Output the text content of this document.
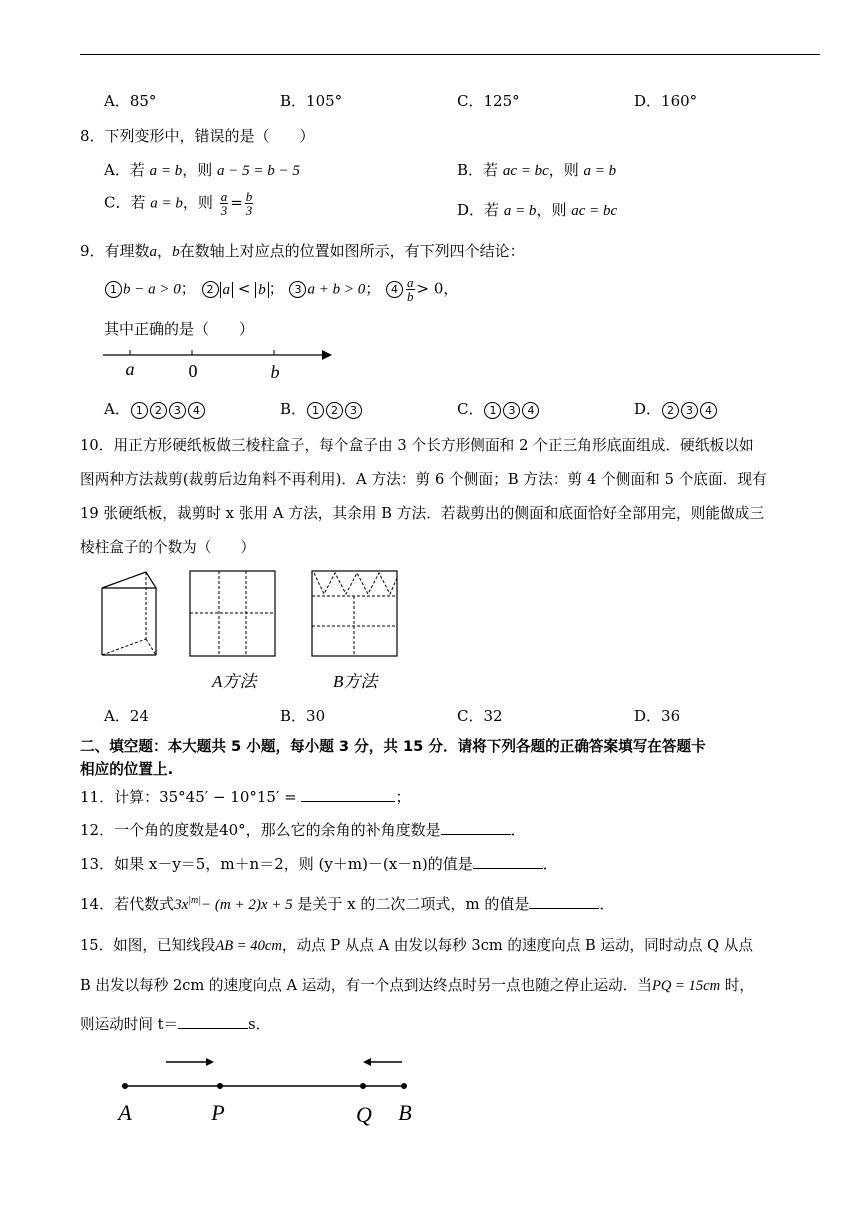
A．85°	B．105°	C．125°	D．160°
8．下列变形中，错误的是（　　）
A．若 a = b，则 a − 5 = b − 5	B．若 ac = bc，则 a = b
C．若 a = b，则 $\frac{a}{3} = \frac{b}{3}$	D．若 a = b，则 ac = bc
9．有理数a，b在数轴上对应点的位置如图所示，有下列四个结论：
1 b − a > 0； 2 a < b ； 3 a + b > 0； $4 \frac{a}{b} > 0$，
其中正确的是（　　）
a	0	b
A． 1 2 3 4	B． 1 2 3	C． 1 3 4	D． 2 3 4
10．用正方形硬纸板做三棱柱盒子，每个盒子由 3 个长方形侧面和 2 个正三角形底面组成．硬纸板以如
图两种方法裁剪(裁剪后边角料不再利用)．A 方法：剪 6 个侧面；B 方法：剪 4 个侧面和 5 个底面．现有
19 张硬纸板，裁剪时 x 张用 A 方法，其余用 B 方法．若裁剪出的侧面和底面恰好全部用完，则能做成三
棱柱盒子的个数为（　　）
A方法	B方法
A．24	B．30	C．32	D．36
二、填空题：本大题共 5 小题，每小题 3 分，共 15 分．请将下列各题的正确答案填写在答题卡
相应的位置上.
11．计算：35°45′ − 10°15′ =	；
12．一个角的度数是40°，那么它的余角的补角度数是	．
13．如果 x－y＝5，m＋n＝2，则 (y＋m)－(x－n)的值是	．
14．若代数式$3x^{|m|}- (m + 2)x + 5$ 是关于 x 的二次二项式，m 的值是	．
15．如图，已知线段AB = 40cm，动点 P 从点 A 由发以每秒 3cm 的速度向点 B 运动，同时动点 Q 从点
B 出发以每秒 2cm 的速度向点 A 运动，有一个点到达终点时另一点也随之停止运动．当PQ = 15cm 时，
则运动时间 t＝	s．
A	P	Q B
